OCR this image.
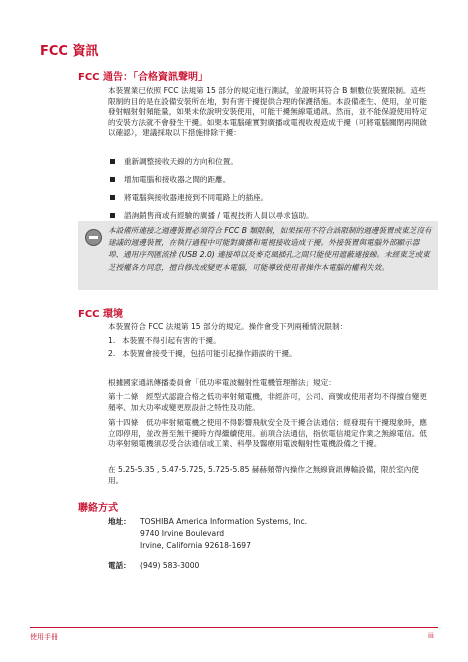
FCC 資訊
FCC 通告：「合格資訊聲明」
本裝置業已依照 FCC 法規第 15 部分的規定進行測試，並證明其符合 B 類數位裝置限制。這些限制的目的是在設備安裝所在地，對有害干擾提供合理的保護措施。本設備產生、使用，並可能發射幅射射頻能量，如果未依說明安裝使用，可能干擾無線電通訊。然而，並不能保證使用特定的安裝方法就不會發生干擾。如果本電腦確實對廣播或電視收視造成干擾（可將電腦關閉再開啟以確認），建議採取以下措施排除干擾：
重新調整接收天線的方向和位置。
增加電腦和接收器之間的距離。
將電腦與接收器連接到不同電路上的插座。
諮詢銷售商或有經驗的廣播 / 電視技術人員以尋求協助。
本設備所連接之週邊裝置必須符合 FCC B 類限制，如果採用不符合該限制的週邊裝置或東芝沒有建議的週邊裝置，在執行過程中可能對廣播和電視接收造成干擾。外接裝置與電腦外部顯示器埠、通用序列匯流排 (USB 2.0) 連接埠以及麥克風插孔之間只能使用遮蔽連接線。未經東芝或東芝授權各方同意，擅自修改或變更本電腦，可能導致使用者操作本電腦的權利失效。
FCC 環境
本裝置符合 FCC 法規第 15 部分的規定。操作會受下列兩種情況限制：
1. 本裝置不得引起有害的干擾。
2. 本裝置會接受干擾，包括可能引起操作錯誤的干擾。
根據國家通訊傳播委員會「低功率電波輻射性電機管理辦法」規定：
第十二條　經型式認證合格之低功率射頻電機，非經許可，公司、商號或使用者均不得擅自變更頻率、加大功率或變更原設計之特性及功能。
第十四條　低功率射頻電機之使用不得影響飛航安全及干擾合法通信；經發現有干擾現象時，應立即停用，並改善至無干擾時方得繼續使用。前項合法通信，指依電信規定作業之無線電信。低功率射頻電機須忍受合法通信或工業、科學及醫療用電波輻射性電機設備之干擾。
在 5.25-5.35 , 5.47-5.725, 5.725-5.85 赫赫頻帶內操作之無線資訊傳輸設備，限於室內使用。
聯絡方式
地址： TOSHIBA America Information Systems, Inc.
9740 Irvine Boulevard
Irvine, California 92618-1697
電話： (949) 583-3000
使用手冊	iii
